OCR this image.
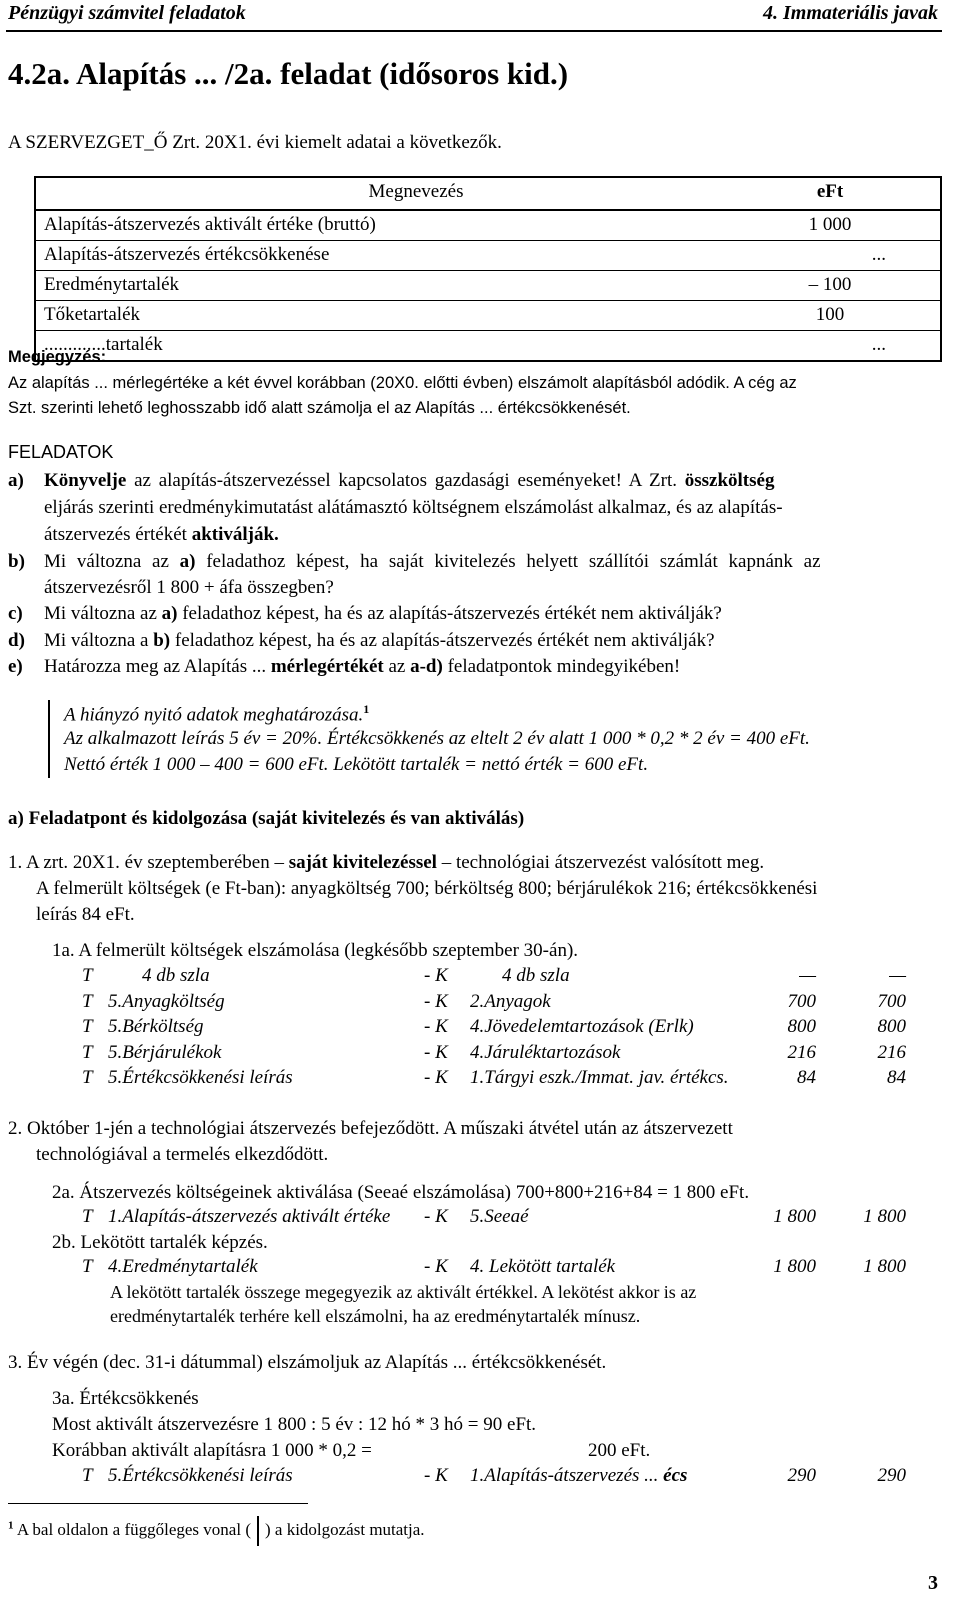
Pénzügyi számvitel feladatok	4. Immateriális javak
4.2a. Alapítás ... /2a. feladat (idősoros kid.)
A SZERVEZGET_Ő Zrt. 20X1. évi kiemelt adatai a következők.
Megnevezés	eFt
Alapítás-átszervezés aktivált értéke (bruttó)	1 000
Alapítás-átszervezés értékcsökkenése	...
Eredménytartalék	– 100
Tőketartalék	100
.............tartalék	...
Megjegyzés:
Az alapítás ... mérlegértéke a két évvel korábban (20X0. előtti évben) elszámolt alapításból adódik. A cég az
Szt. szerinti lehető leghosszabb idő alatt számolja el az Alapítás ... értékcsökkenését.
FELADATOK
a) Könyvelje az alapítás-átszervezéssel kapcsolatos gazdasági eseményeket! A Zrt. összköltség
eljárás szerinti eredménykimutatást alátámasztó költségnem elszámolást alkalmaz, és az alapítás-
átszervezés értékét aktiválják.
b) Mi változna az a) feladathoz képest, ha saját kivitelezés helyett szállítói számlát kapnánk az
átszervezésről 1 800 + áfa összegben?
c) Mi változna az a) feladathoz képest, ha és az alapítás-átszervezés értékét nem aktiválják?
d) Mi változna a b) feladathoz képest, ha és az alapítás-átszervezés értékét nem aktiválják?
e) Határozza meg az Alapítás ... mérlegértékét az a-d) feladatpontok mindegyikében!
A hiányzó nyitó adatok meghatározása.$^1$
Az alkalmazott leírás 5 év = 20%. Értékcsökkenés az eltelt 2 év alatt 1 000 * 0,2 * 2 év = 400 eFt.
Nettó érték 1 000 – 400 = 600 eFt. Lekötött tartalék = nettó érték = 600 eFt.
a) Feladatpont és kidolgozása (saját kivitelezés és van aktiválás)
1. A zrt. 20X1. év szeptemberében – saját kivitelezéssel – technológiai átszervezést valósított meg.
A felmerült költségek (e Ft-ban): anyagköltség 700; bérköltség 800; bérjárulékok 216; értékcsökkenési
leírás 84 eFt.
1a. A felmerült költségek elszámolása (legkésőbb szeptember 30-án).
T	4 db szla	- K	4 db szla	—	—
T 5.Anyagköltség	- K 2.Anyagok	700	700
T 5.Bérköltség	- K 4.Jövedelemtartozások (Erlk)	800	800
T 5.Bérjárulékok	- K 4.Járuléktartozások	216	216
T 5.Értékcsökkenési leírás	- K 1.Tárgyi eszk./Immat. jav. értékcs.	84	84
2. Október 1-jén a technológiai átszervezés befejeződött. A műszaki átvétel után az átszervezett
technológiával a termelés elkezdődött.
2a. Átszervezés költségeinek aktiválása (Seeaé elszámolása) 700+800+216+84 = 1 800 eFt.
T 1.Alapítás-átszervezés aktivált értéke - K 5.Seeaé	1 800 1 800
2b. Lekötött tartalék képzés.
T 4.Eredménytartalék	- K 4. Lekötött tartalék	1 800 1 800
A lekötött tartalék összege megegyezik az aktivált értékkel. A lekötést akkor is az
eredménytartalék terhére kell elszámolni, ha az eredménytartalék mínusz.
3. Év végén (dec. 31-i dátummal) elszámoljuk az Alapítás ... értékcsökkenését.
3a. Értékcsökkenés
Most aktivált átszervezésre 1 800 : 5 év : 12 hó * 3 hó = 90 eFt.
Korábban aktivált alapításra 1 000 * 0,2 =	200 eFt.
T 5.Értékcsökkenési leírás	- K 1.Alapítás-átszervezés ... écs	290	290
$^1$ A bal oldalon a függőleges vonal ( ) a kidolgozást mutatja.
3
